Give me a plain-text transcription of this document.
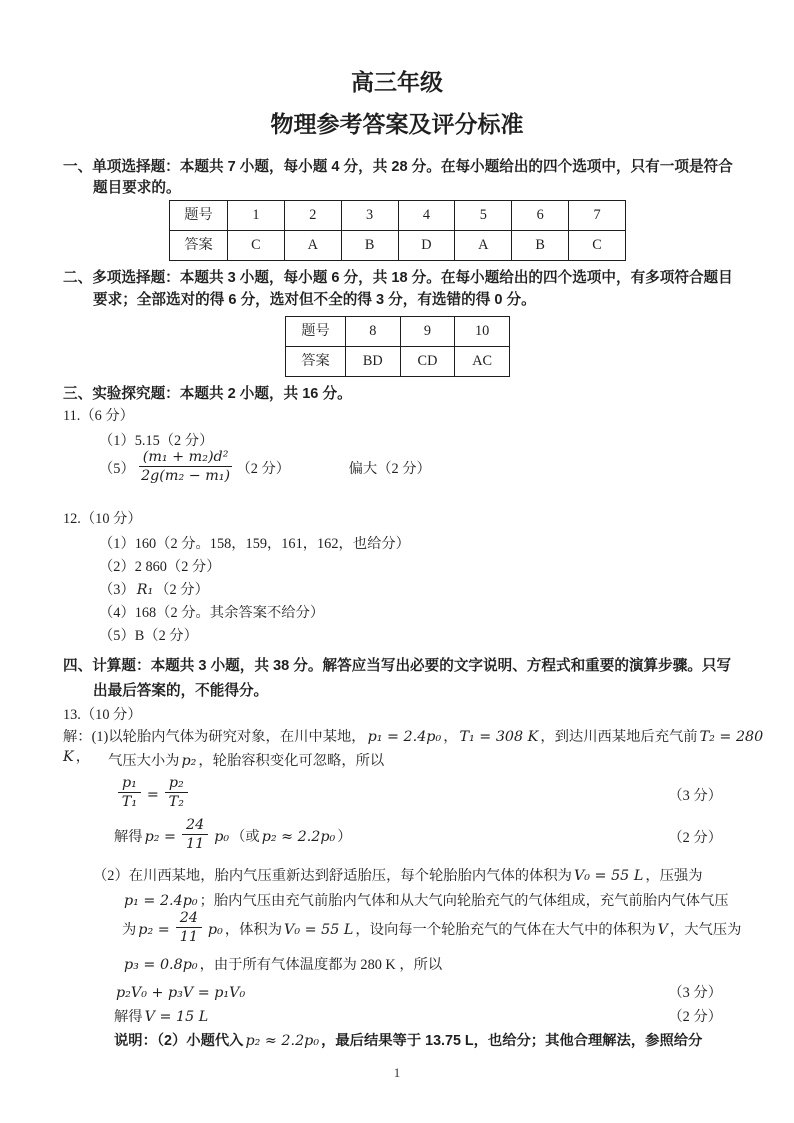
高三年级
物理参考答案及评分标准
一、单项选择题：本题共 7 小题，每小题 4 分，共 28 分。在每小题给出的四个选项中，只有一项是符合
题目要求的。
题号	1	2	3	4	5	6	7
答案	C	A	B	D	A	B	C
二、多项选择题：本题共 3 小题，每小题 6 分，共 18 分。在每小题给出的四个选项中，有多项符合题目
要求；全部选对的得 6 分，选对但不全的得 3 分，有选错的得 0 分。
题号	8	9	10
答案	BD	CD	AC
三、实验探究题：本题共 2 小题，共 16 分。
11.（6 分）
（1）5.15（2 分）
$(5) \frac{\text{(m₁ + m₂)d²}}{\text{2g(m₂ − m₁)}} (2$ 分）	偏大（2 分）
12.（10 分）
（1）160（2 分。158，159，161，162，也给分）
（2）2 860（2 分）
（3） R₁ （2 分）
（4）168（2 分。其余答案不给分）
（5）B（2 分）
四、计算题：本题共 3 小题，共 38 分。解答应当写出必要的文字说明、方程式和重要的演算步骤。只写
出最后答案的，不能得分。
13.（10 分）
解：(1)以轮胎内气体为研究对象，在川中某地， p₁ = 2.4p₀ ， T₁ = 308 K ，到达川西某地后充气前 T₂ = 280 K ，	气压大小为 p₂ ，轮胎容积变化可忽略，所以
$\frac{\text{p₁}}{\text{T₁}} = \frac{\text{p₂}}{\text{T₂}}$	（3 分）
解得 $p_2 = \frac{24}{11} p_0$ （或 p₂ ≈ 2.2p₀ ）	（2 分）
（2）在川西某地，胎内气压重新达到舒适胎压，每个轮胎胎内气体的体积为 V₀ = 55 L ，压强为
p₁ = 2.4p₀ ；胎内气压由充气前胎内气体和从大气向轮胎充气的气体组成，充气前胎内气体气压
为 $p_2 = \frac{24}{11} p_0$ ，体积为 V₀ = 55 L ，设向每一个轮胎充气的气体在大气中的体积为 V ，大气压为
p₃ = 0.8p₀ ，由于所有气体温度都为 280 K ，所以
p₂V₀ + p₃V = p₁V₀	（3 分）
解得 V = 15 L	（2 分）
说明：（2）小题代入 p₂ ≈ 2.2p₀ ，最后结果等于 13.75 L，也给分；其他合理解法，参照给分
1
